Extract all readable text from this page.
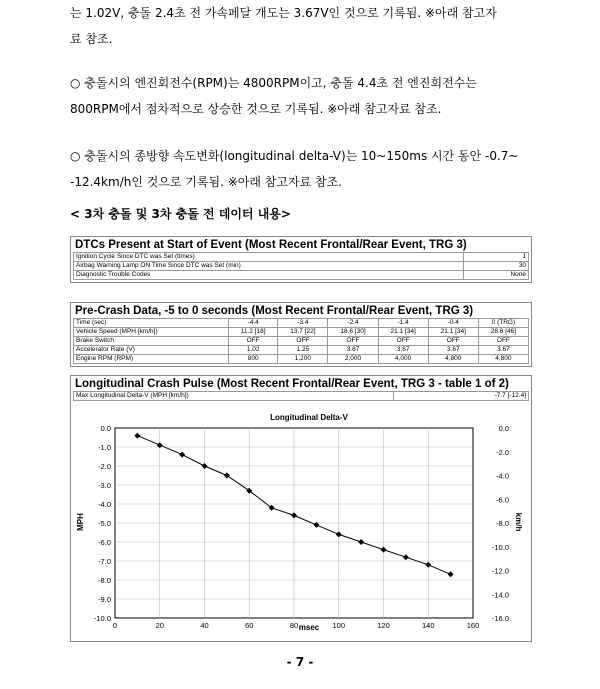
는 1.02V, 충돌 2.4초 전 가속페달 개도는 3.67V인 것으로 기록됨. ※아래 참고자
료 참조.
○ 충돌시의 엔진회전수(RPM)는 4800RPM이고, 충돌 4.4초 전 엔진회전수는
800RPM에서 점차적으로 상승한 것으로 기록됨. ※아래 참고자료 참조.
○ 충돌시의 종방향 속도변화(longitudinal delta-V)는 10~150ms 시간 동안 -0.7~
-12.4km/h인 것으로 기록됨. ※아래 참고자료 참조.
< 3차 충돌 및 3차 충돌 전 데이터 내용>
DTCs Present at Start of Event (Most Recent Frontal/Rear Event, TRG 3)
Ignition Cycle Since DTC was Set (times)	1
Airbag Warning Lamp ON Time Since DTC was Set (min)	30
Diagnostic Trouble Codes	None
Pre-Crash Data, -5 to 0 seconds (Most Recent Frontal/Rear Event, TRG 3)
Time (sec)	-4.4	-3.4	-2.4	-1.4	-0.4	0 (TRG)
Vehicle Speed (MPH [km/h])	11.2 [18]	13.7 [22]	18.6 [30]	21.1 [34]	21.1 [34]	28.6 [46]
Brake Switch	OFF	OFF	OFF	OFF	OFF	OFF
Accelerator Rate (V)	1.02	1.25	3.67	3.67	3.67	3.67
Engine RPM (RPM)	800	1,200	2,000	4,000	4,800	4,800
Longitudinal Crash Pulse (Most Recent Frontal/Rear Event, TRG 3 - table 1 of 2)
Max Longitudinal Delta-V (MPH [km/h])	-7.7 [-12.4]
Longitudinal Delta-V
0	20	40	60	80	100	120	140	160
0.0
-1.0
-2.0
-3.0
-4.0
-5.0
-6.0
-7.0
-8.0
-9.0
-10.0
0.0
-2.0
-4.0
-6.0
-8.0
-10.0
-12.0
-14.0
-16.0
msec
MPH	km/h
- 7 -
